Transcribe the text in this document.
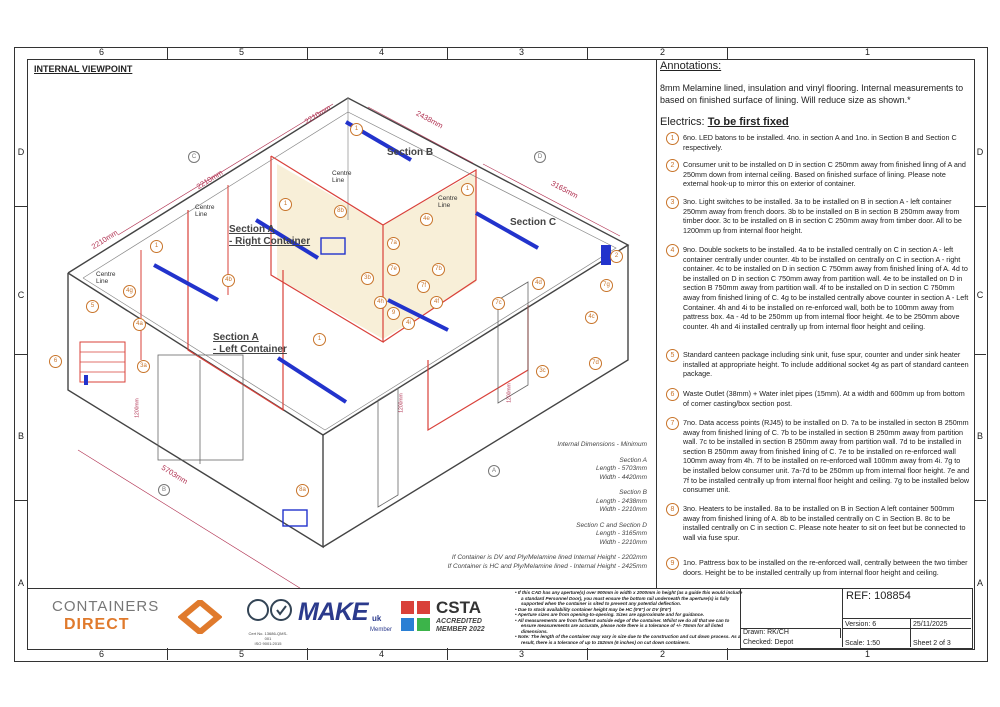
6	5	4	3	2	1
6	5	4	3	2	1
D
C
B
A
D
C
B
A
INTERNAL VIEWPOINT
Section B
Section C
Section A
- Right Container
Section A
- Left Container
Centre
Line
Centre
Line
Centre
Line
Centre
Line
2210mm	2438mm
3165mm
2210mm
2210mm
5703mm
1200mm
1200mm
1200mm
C	D
A
B
1
1
1
1
1
2
3a
3b
3c
4a
4b
4c
4d
4e
4f
4g
4h
4i
5
6
7a
7b
7c
7d
7e
7f	7g
8a
8b
9
Internal Dimensions - Minimum
Section A
Length - 5703mm
Width - 4420mm
Section B
Length - 2438mm
Width - 2210mm
Section C and Section D
Length - 3165mm
Width - 2210mm
If Container is DV and Ply/Melamine lined Internal Height - 2202mm
If Container is HC and Ply/Melamine lined - Internal Height - 2425mm
Annotations:
8mm Melamine lined, insulation and vinyl flooring. Internal measurements to based on finished surface of lining. Will reduce size as shown.*
Electrics: To be first fixed
1	6no. LED batons to be installed. 4no. in section A and 1no. in Section B and Section C respectively.
2	Consumer unit to be installed on D in section C 250mm away from finished linng of A and 250mm down from internal ceiling. Based on finished surface of lining. Please note external hook-up to mirror this on exterior of container.
3	3no. Light switches to be installed. 3a to be installed on B in section A - left container 250mm away from french doors. 3b to be installed on B in section B 250mm away from timber door. 3c to be installed on B in section C 250mm away from timber door. All to be 1200mm up from internal floor height.
4	9no. Double sockets to be installed. 4a to be installed centrally on C in section A - left container centrally under counter. 4b to be installed on centrally on C in section A - right container. 4c to be installed on D in section C 750mm away from finished lining of A. 4d to be installed on D in section C 750mm away from partition wall. 4e to be installed on D in section B 750mm away from partition wall. 4f to be installed on D in section C 750mm away from finished lining of C. 4g to be installed centrally above counter in section A - Left Container. 4h and 4i to be installed on re-enforced wall, both be to 100mm away from pattress box. 4a - 4d to be 250mm up from internal floor height. 4e to be 250mm above counter. 4h and 4i installed centrally up from internal floor height and ceiling.
5	Standard canteen package including sink unit, fuse spur, counter and under sink heater installed at appropriate height. To include additional socket 4g as part of standard canteen package.
6	Waste Outlet (38mm) + Water inlet pipes (15mm). At a width and 600mm up from bottom of corner casting/box section post.
7	7no. Data access points (RJ45) to be installed on D. 7a to be installed in secton B 250mm away from finished lining of C. 7b to be installed in section B 250mm away from partition wall. 7c to be installed in section B 250mm away from partition wall. 7d to be installed in section B 250mm away from finished lining of C. 7e to be installed on re-enforced wall 100mm away from 4h. 7f to be installed on re-enforced wall 100mm away from 4i. 7g to be installed below consumer unit. 7a-7d to be 250mm up from internal floor height. 7e and 7f to be installed centrally up from internal floor height and ceiling. 7g to be installed below consumer unit.
8	3no. Heaters to be installed. 8a to be installed on B in Section A left container 500mm away from finished lining of A. 8b to be installed centrally on C in Section B. 8c to be installed centrally on C in section C. Please note heater to sit on feet but be connected to wall via fuse spur.
9	1no. Pattress box to be installed on the re-enforced wall, centrally between the two timber doors. Height be to be installed centrally up from internal floor height and ceiling.
CONTAINERS
DIRECT
Cert No. 13686-QMS-001
ISO 9001:2015
MAKE uk
Member
CSTA
ACCREDITED
MEMBER 2022
• If this CAD has any aperture(s) over 900mm in width x 2000mm in height (as a guide this would include a standard Personnel Door), you must ensure the bottom rail underneath the aperture(s) is fully supported when the container is sited to prevent any potential deflection.
• Due to stock availability container height may be HC (9'6") or DV (8'6")
• Aperture sizes are from opening-to-opening. Sizes are approximate and for guidance.
• All measurements are from furthest outside edge of the container. Whilst we do all that we can to ensure measurements are accurate, please note there is a tolerance of +/- 75mm for all listed dimensions.
• Note: The length of the container may vary in size due to the construction and cut down process. As a result, there is a tolerance of up to 152mm (6 inches) on cut down containers.
REF: 108854
Version: 6	25/11/2025
Drawn: RK/CH
Checked: Depot	Scale: 1:50	Sheet 2 of 3
